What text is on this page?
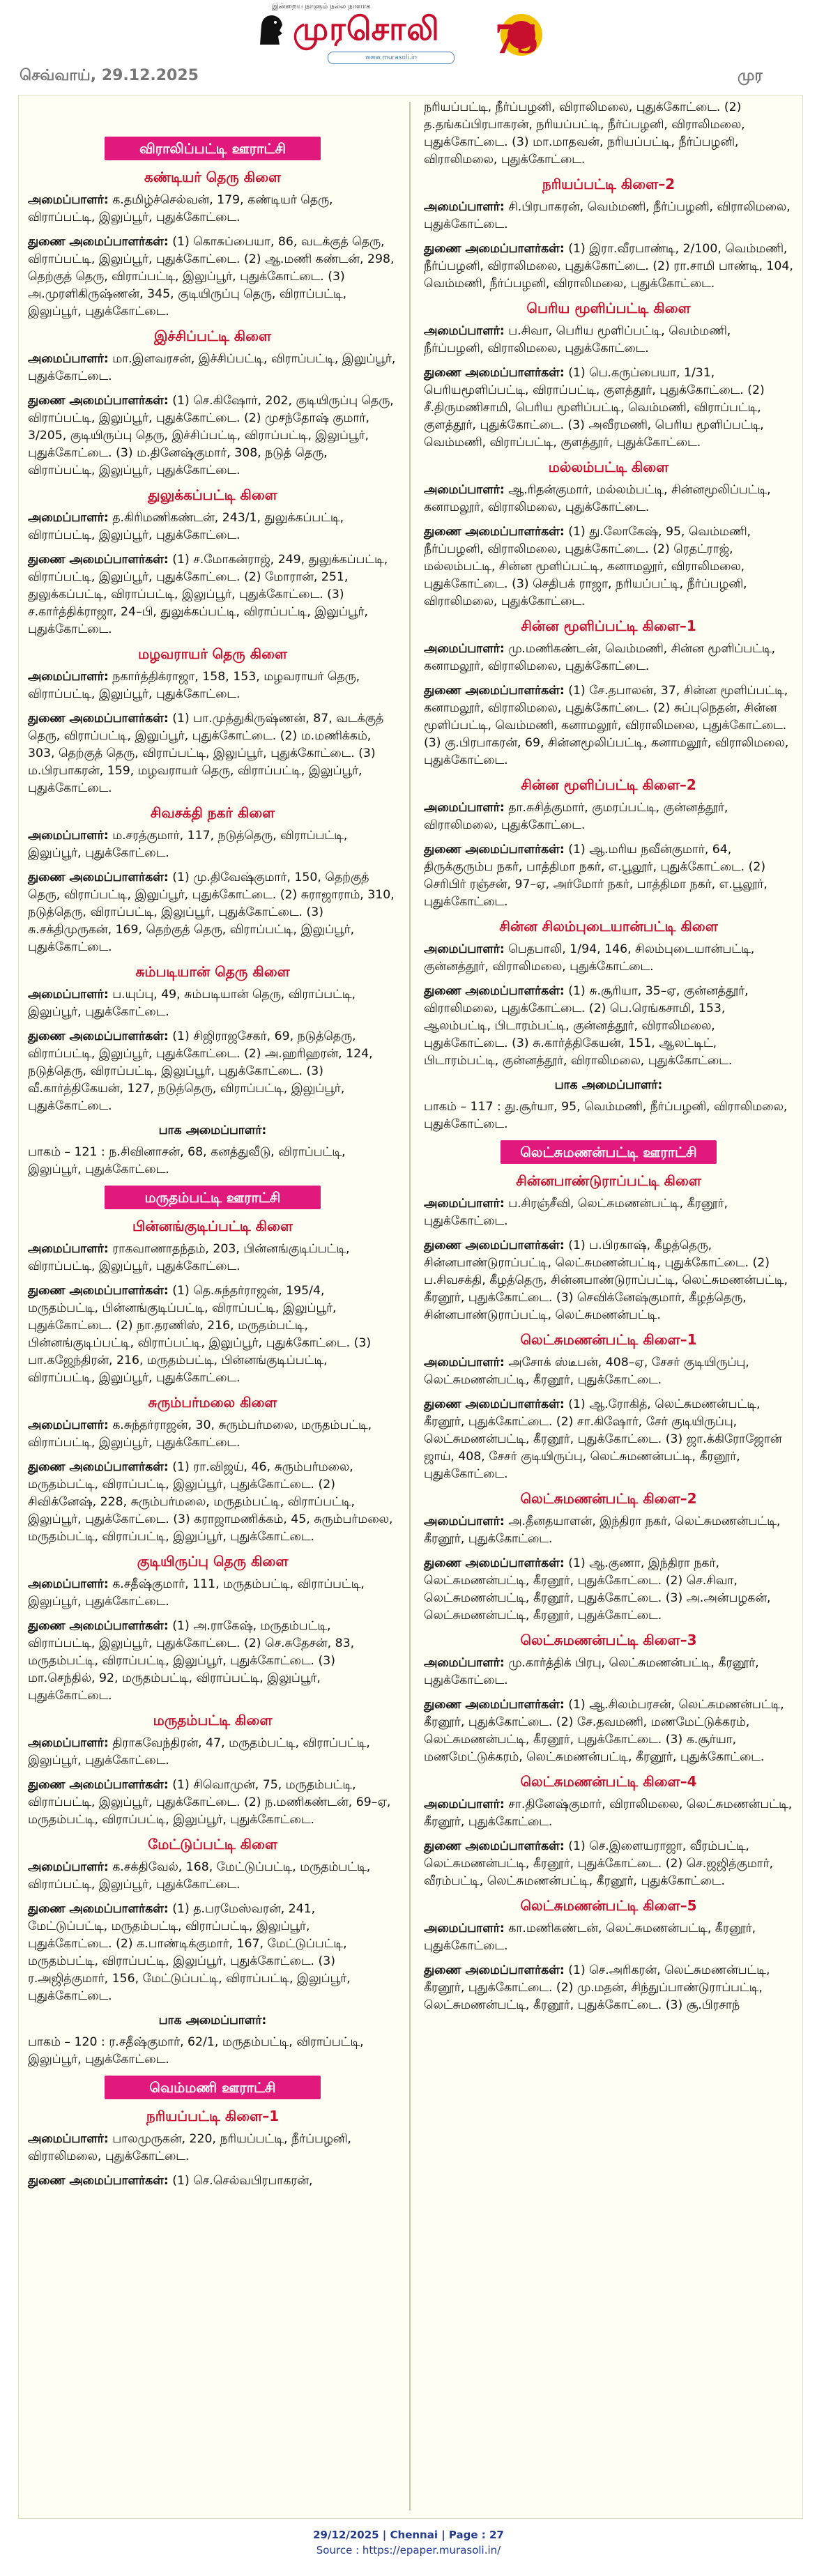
இன்றைய நாளும் நல்ல நாளாக
முரசொலி
www.murasoli.in	75
செவ்வாய், 29.12.2025	முர
விராலிப்பட்டி ஊராட்சி
கண்டியர் தெரு கிளை
அமைப்பாளர்: க.தமிழ்ச்செல்வன், 179, கண்டியர் தெரு, விராப்பட்டி, இலுப்பூர், புதுக்கோட்டை.
துணை அமைப்பாளர்கள்: (1) கொசுப்பையா, 86, வடக்குத் தெரு, விராப்பட்டி, இலுப்பூர், புதுக்கோட்டை. (2) ஆ.மணி கண்டன், 298, தெற்குத் தெரு, விராப்பட்டி, இலுப்பூர், புதுக்கோட்டை. (3) அ.முரளிகிருஷ்ணன், 345, குடியிருப்பு தெரு, விராப்பட்டி, இலுப்பூர், புதுக்கோட்டை.
இச்சிப்பட்டி கிளை
அமைப்பாளர்: மா.இளவரசன், இச்சிப்பட்டி, விராப்பட்டி, இலுப்பூர், புதுக்கோட்டை.
துணை அமைப்பாளர்கள்: (1) செ.கிஷோர், 202, குடியிருப்பு தெரு, விராப்பட்டி, இலுப்பூர், புதுக்கோட்டை. (2) முசந்தோஷ் குமார், 3/205, குடியிருப்பு தெரு, இச்சிப்பட்டி, விராப்பட்டி, இலுப்பூர், புதுக்கோட்டை. (3) ம.தினேஷ்குமார், 308, நடுத் தெரு, விராப்பட்டி, இலுப்பூர், புதுக்கோட்டை.
துலுக்கப்பட்டி கிளை
அமைப்பாளர்: த.கிரிமணிகண்டன், 243/1, துலுக்கப்பட்டி, விராப்பட்டி, இலுப்பூர், புதுக்கோட்டை.
துணை அமைப்பாளர்கள்: (1) ச.மோகன்ராஜ், 249, துலுக்கப்பட்டி, விராப்பட்டி, இலுப்பூர், புதுக்கோட்டை. (2) மோரான், 251, துலுக்கப்பட்டி, விராப்பட்டி, இலுப்பூர், புதுக்கோட்டை. (3) ச.கார்த்திக்ராஜா, 24–பி, துலுக்கப்பட்டி, விராப்பட்டி, இலுப்பூர், புதுக்கோட்டை.
மழவராயர் தெரு கிளை
அமைப்பாளர்: நகார்த்திக்ராஜா, 158, 153, மழவராயர் தெரு, விராப்பட்டி, இலுப்பூர், புதுக்கோட்டை.
துணை அமைப்பாளர்கள்: (1) பா.முத்துகிருஷ்ணன், 87, வடக்குத் தெரு, விராப்பட்டி, இலுப்பூர், புதுக்கோட்டை. (2) ம.மணிக்கம், 303, தெற்குத் தெரு, விராப்பட்டி, இலுப்பூர், புதுக்கோட்டை. (3) ம.பிரபாகரன், 159, மழவராயர் தெரு, விராப்பட்டி, இலுப்பூர், புதுக்கோட்டை.
சிவசக்தி நகர் கிளை
அமைப்பாளர்: ம.சரத்குமார், 117, நடுத்தெரு, விராப்பட்டி, இலுப்பூர், புதுக்கோட்டை.
துணை அமைப்பாளர்கள்: (1) மு.திவேஷ்குமார், 150, தெற்குத் தெரு, விராப்பட்டி, இலுப்பூர், புதுக்கோட்டை. (2) சுராஜாராம், 310, நடுத்தெரு, விராப்பட்டி, இலுப்பூர், புதுக்கோட்டை. (3) சு.சக்திமுருகன், 169, தெற்குத் தெரு, விராப்பட்டி, இலுப்பூர், புதுக்கோட்டை.
சும்படியான் தெரு கிளை
அமைப்பாளர்: ப.யுப்பு, 49, சும்படியான் தெரு, விராப்பட்டி, இலுப்பூர், புதுக்கோட்டை.
துணை அமைப்பாளர்கள்: (1) சிஜிராஜசேகர், 69, நடுத்தெரு, விராப்பட்டி, இலுப்பூர், புதுக்கோட்டை. (2) அ.ஹரிஹரன், 124, நடுத்தெரு, விராப்பட்டி, இலுப்பூர், புதுக்கோட்டை. (3) வீ.கார்த்திகேயன், 127, நடுத்தெரு, விராப்பட்டி, இலுப்பூர், புதுக்கோட்டை.
பாக அமைப்பாளர்:
பாகம் – 121 : ந.சிவினாசன், 68, கனத்துவீடு, விராப்பட்டி, இலுப்பூர், புதுக்கோட்டை.
மருதம்பட்டி ஊராட்சி
பின்னங்குடிப்பட்டி கிளை
அமைப்பாளர்: ராகவாணாதந்தம், 203, பின்னங்குடிப்பட்டி, விராப்பட்டி, இலுப்பூர், புதுக்கோட்டை.
துணை அமைப்பாளர்கள்: (1) தெ.சுந்தர்ராஜன், 195/4, மருதம்பட்டி, பின்னங்குடிப்பட்டி, விராப்பட்டி, இலுப்பூர், புதுக்கோட்டை. (2) நா.தரணிஸ், 216, மருதம்பட்டி, பின்னங்குடிப்பட்டி, விராப்பட்டி, இலுப்பூர், புதுக்கோட்டை. (3) பா.கஜேந்திரன், 216, மருதம்பட்டி, பின்னங்குடிப்பட்டி, விராப்பட்டி, இலுப்பூர், புதுக்கோட்டை.
சுரும்பர்மலை கிளை
அமைப்பாளர்: க.சுந்தர்ராஜன், 30, சுரும்பர்மலை, மருதம்பட்டி, விராப்பட்டி, இலுப்பூர், புதுக்கோட்டை.
துணை அமைப்பாளர்கள்: (1) ரா.விஜய், 46, சுரும்பர்மலை, மருதம்பட்டி, விராப்பட்டி, இலுப்பூர், புதுக்கோட்டை. (2) சிவிக்னேஷ், 228, சுரும்பர்மலை, மருதம்பட்டி, விராப்பட்டி, இலுப்பூர், புதுக்கோட்டை. (3) கராஜாமணிக்கம், 45, சுரும்பர்மலை, மருதம்பட்டி, விராப்பட்டி, இலுப்பூர், புதுக்கோட்டை.
குடியிருப்பு தெரு கிளை
அமைப்பாளர்: க.சதீஷ்குமார், 111, மருதம்பட்டி, விராப்பட்டி, இலுப்பூர், புதுக்கோட்டை.
துணை அமைப்பாளர்கள்: (1) அ.ராகேஷ், மருதம்பட்டி, விராப்பட்டி, இலுப்பூர், புதுக்கோட்டை. (2) செ.சுதேசன், 83, மருதம்பட்டி, விராப்பட்டி, இலுப்பூர், புதுக்கோட்டை. (3) மா.செந்தில், 92, மருதம்பட்டி, விராப்பட்டி, இலுப்பூர், புதுக்கோட்டை.
மருதம்பட்டி கிளை
அமைப்பாளர்: திராகவேந்திரன், 47, மருதம்பட்டி, விராப்பட்டி, இலுப்பூர், புதுக்கோட்டை.
துணை அமைப்பாளர்கள்: (1) சிவொமுன், 75, மருதம்பட்டி, விராப்பட்டி, இலுப்பூர், புதுக்கோட்டை. (2) ந.மணிகண்டன், 69–ஏ, மருதம்பட்டி, விராப்பட்டி, இலுப்பூர், புதுக்கோட்டை.
மேட்டுப்பட்டி கிளை
அமைப்பாளர்: க.சக்திவேல், 168, மேட்டுப்பட்டி, மருதம்பட்டி, விராப்பட்டி, இலுப்பூர், புதுக்கோட்டை.
துணை அமைப்பாளர்கள்: (1) த.பரமேஸ்வரன், 241, மேட்டுப்பட்டி, மருதம்பட்டி, விராப்பட்டி, இலுப்பூர், புதுக்கோட்டை. (2) க.பாண்டிக்குமார், 167, மேட்டுப்பட்டி, மருதம்பட்டி, விராப்பட்டி, இலுப்பூர், புதுக்கோட்டை. (3) ர.அஜித்குமார், 156, மேட்டுப்பட்டி, விராப்பட்டி, இலுப்பூர், புதுக்கோட்டை.
பாக அமைப்பாளர்:
பாகம் – 120 : ர.சதீஷ்குமார், 62/1, மருதம்பட்டி, விராப்பட்டி, இலுப்பூர், புதுக்கோட்டை.
வெம்மணி ஊராட்சி
நரியப்பட்டி கிளை–1
அமைப்பாளர்: பாலமுருகன், 220, நரியப்பட்டி, நீர்ப்பழனி, விராலிமலை, புதுக்கோட்டை.
துணை அமைப்பாளர்கள்: (1) செ.செல்வபிரபாகரன்,
நரியப்பட்டி, நீர்ப்பழனி, விராலிமலை, புதுக்கோட்டை. (2) த.தங்கப்பிரபாகரன், நரியப்பட்டி, நீர்ப்பழனி, விராலிமலை, புதுக்கோட்டை. (3) மா.மாதவன், நரியப்பட்டி, நீர்ப்பழனி, விராலிமலை, புதுக்கோட்டை.
நரியப்பட்டி கிளை–2
அமைப்பாளர்: சி.பிரபாகரன், வெம்மணி, நீர்ப்பழனி, விராலிமலை, புதுக்கோட்டை.
துணை அமைப்பாளர்கள்: (1) இரா.வீரபாண்டி, 2/100, வெம்மணி, நீர்ப்பழனி, விராலிமலை, புதுக்கோட்டை. (2) ரா.சாமி பாண்டி, 104, வெம்மணி, நீர்ப்பழனி, விராலிமலை, புதுக்கோட்டை.
பெரிய மூளிப்பட்டி கிளை
அமைப்பாளர்: ப.சிவா, பெரிய மூளிப்பட்டி, வெம்மணி, நீர்ப்பழனி, விராலிமலை, புதுக்கோட்டை.
துணை அமைப்பாளர்கள்: (1) பெ.கருப்பையா, 1/31, பெரியமூளிப்பட்டி, விராப்பட்டி, குளத்தூர், புதுக்கோட்டை. (2) சீ.திருமணிசாமி, பெரிய மூளிப்பட்டி, வெம்மணி, விராப்பட்டி, குளத்தூர், புதுக்கோட்டை. (3) அவீரமணி, பெரிய மூளிப்பட்டி, வெம்மணி, விராப்பட்டி, குளத்தூர், புதுக்கோட்டை.
மல்லம்பட்டி கிளை
அமைப்பாளர்: ஆ.ரிதன்குமார், மல்லம்பட்டி, சின்னமூலிப்பட்டி, கனாமலூர், விராலிமலை, புதுக்கோட்டை.
துணை அமைப்பாளர்கள்: (1) து.லோகேஷ், 95, வெம்மணி, நீர்ப்பழனி, விராலிமலை, புதுக்கோட்டை. (2) ரெதட்ராஜ், மல்லம்பட்டி, சின்ன மூளிப்பட்டி, கனாமலூர், விராலிமலை, புதுக்கோட்டை. (3) செதிபக் ராஜா, நரியப்பட்டி, நீர்ப்பழனி, விராலிமலை, புதுக்கோட்டை.
சின்ன மூளிப்பட்டி கிளை–1
அமைப்பாளர்: மு.மணிகண்டன், வெம்மணி, சின்ன மூளிப்பட்டி, கனாமலூர், விராலிமலை, புதுக்கோட்டை.
துணை அமைப்பாளர்கள்: (1) சே.தபாலன், 37, சின்ன மூளிப்பட்டி, கனாமலூர், விராலிமலை, புதுக்கோட்டை. (2) சுப்புநெதன், சின்ன மூளிப்பட்டி, வெம்மணி, கனாமலூர், விராலிமலை, புதுக்கோட்டை. (3) கு.பிரபாகரன், 69, சின்னமூலிப்பட்டி, கனாமலூர், விராலிமலை, புதுக்கோட்டை.
சின்ன மூளிப்பட்டி கிளை–2
அமைப்பாளர்: தா.சுசித்குமார், குமரப்பட்டி, குன்னத்தூர், விராலிமலை, புதுக்கோட்டை.
துணை அமைப்பாளர்கள்: (1) ஆ.மரிய நவீன்குமார், 64, திருக்குரும்ப நகர், பாத்திமா நகர், எ.பூலூர், புதுக்கோட்டை. (2) செரிபிர் ரஞ்சன், 97–ஏ, அர்மோர் நகர், பாத்திமா நகர், எ.பூலூர், புதுக்கோட்டை.
சின்ன சிலம்புடையான்பட்டி கிளை
அமைப்பாளர்: பெதபாலி, 1/94, 146, சிலம்புடையான்பட்டி, குன்னத்தூர், விராலிமலை, புதுக்கோட்டை.
துணை அமைப்பாளர்கள்: (1) சு.சூரியா, 35–ஏ, குன்னத்தூர், விராலிமலை, புதுக்கோட்டை. (2) பெ.ரெங்கசாமி, 153, ஆலம்பட்டி, பிடாரம்பட்டி, குன்னத்தூர், விராலிமலை, புதுக்கோட்டை. (3) சு.கார்த்திகேயன், 151, ஆலட்டிட், பிடாரம்பட்டி, குன்னத்தூர், விராலிமலை, புதுக்கோட்டை.
பாக அமைப்பாளர்:
பாகம் – 117 : து.சூர்யா, 95, வெம்மணி, நீர்ப்பழனி, விராலிமலை, புதுக்கோட்டை.
லெட்சுமணன்பட்டி ஊராட்சி
சின்னபாண்டுராப்பட்டி கிளை
அமைப்பாளர்: ப.சிரஞ்சீவி, லெட்சுமணன்பட்டி, கீரனூர், புதுக்கோட்டை.
துணை அமைப்பாளர்கள்: (1) ப.பிரகாஷ், கீழத்தெரு, சின்னபாண்டுராப்பட்டி, லெட்சுமணன்பட்டி, புதுக்கோட்டை. (2) ப.சிவசக்தி, கீழத்தெரு, சின்னபாண்டுராப்பட்டி, லெட்சுமணன்பட்டி, கீரனூர், புதுக்கோட்டை. (3) செவிக்னேஷ்குமார், கீழத்தெரு, சின்னபாண்டுராப்பட்டி, லெட்சுமணன்பட்டி.
லெட்சுமணன்பட்டி கிளை–1
அமைப்பாளர்: அசோக் ஸ்டீபன், 408–ஏ, சேசர் குடியிருப்பு, லெட்சுமணன்பட்டி, கீரனூர், புதுக்கோட்டை.
துணை அமைப்பாளர்கள்: (1) ஆ.ரோகித், லெட்சுமணன்பட்டி, கீரனூர், புதுக்கோட்டை. (2) சா.கிஷோர், சேர் குடியிருப்பு, லெட்சுமணன்பட்டி, கீரனூர், புதுக்கோட்டை. (3) ஜா.க்கிரோஜோன் ஜாய், 408, சேசர் குடியிருப்பு, லெட்சுமணன்பட்டி, கீரனூர், புதுக்கோட்டை.
லெட்சுமணன்பட்டி கிளை–2
அமைப்பாளர்: அ.தீனதயாளன், இந்திரா நகர், லெட்சுமணன்பட்டி, கீரனூர், புதுக்கோட்டை.
துணை அமைப்பாளர்கள்: (1) ஆ.குணா, இந்திரா நகர், லெட்சுமணன்பட்டி, கீரனூர், புதுக்கோட்டை. (2) செ.சிவா, லெட்சுமணன்பட்டி, கீரனூர், புதுக்கோட்டை. (3) அ.அன்பழகன், லெட்சுமணன்பட்டி, கீரனூர், புதுக்கோட்டை.
லெட்சுமணன்பட்டி கிளை–3
அமைப்பாளர்: மு.கார்த்திக் பிரபு, லெட்சுமணன்பட்டி, கீரனூர், புதுக்கோட்டை.
துணை அமைப்பாளர்கள்: (1) ஆ.சிலம்பரசன், லெட்சுமணன்பட்டி, கீரனூர், புதுக்கோட்டை. (2) சே.தவமணி, மணமேட்டுக்கரம், லெட்சுமணன்பட்டி, கீரனூர், புதுக்கோட்டை. (3) க.சூர்யா, மணமேட்டுக்கரம், லெட்சுமணன்பட்டி, கீரனூர், புதுக்கோட்டை.
லெட்சுமணன்பட்டி கிளை–4
அமைப்பாளர்: சா.தினேஷ்குமார், விராலிமலை, லெட்சுமணன்பட்டி, கீரனூர், புதுக்கோட்டை.
துணை அமைப்பாளர்கள்: (1) செ.இளையராஜா, வீரம்பட்டி, லெட்சுமணன்பட்டி, கீரனூர், புதுக்கோட்டை. (2) செ.ஜஜித்குமார், வீரம்பட்டி, லெட்சுமணன்பட்டி, கீரனூர், புதுக்கோட்டை.
லெட்சுமணன்பட்டி கிளை–5
அமைப்பாளர்: கா.மணிகண்டன், லெட்சுமணன்பட்டி, கீரனூர், புதுக்கோட்டை.
துணை அமைப்பாளர்கள்: (1) செ.அரிகரன், லெட்சுமணன்பட்டி, கீரனூர், புதுக்கோட்டை. (2) மு.மதன், சிந்துப்பாண்டுராப்பட்டி, லெட்சுமணன்பட்டி, கீரனூர், புதுக்கோட்டை. (3) சூ.பிரசாந்
29/12/2025 | Chennai | Page : 27
Source : https://epaper.murasoli.in/
